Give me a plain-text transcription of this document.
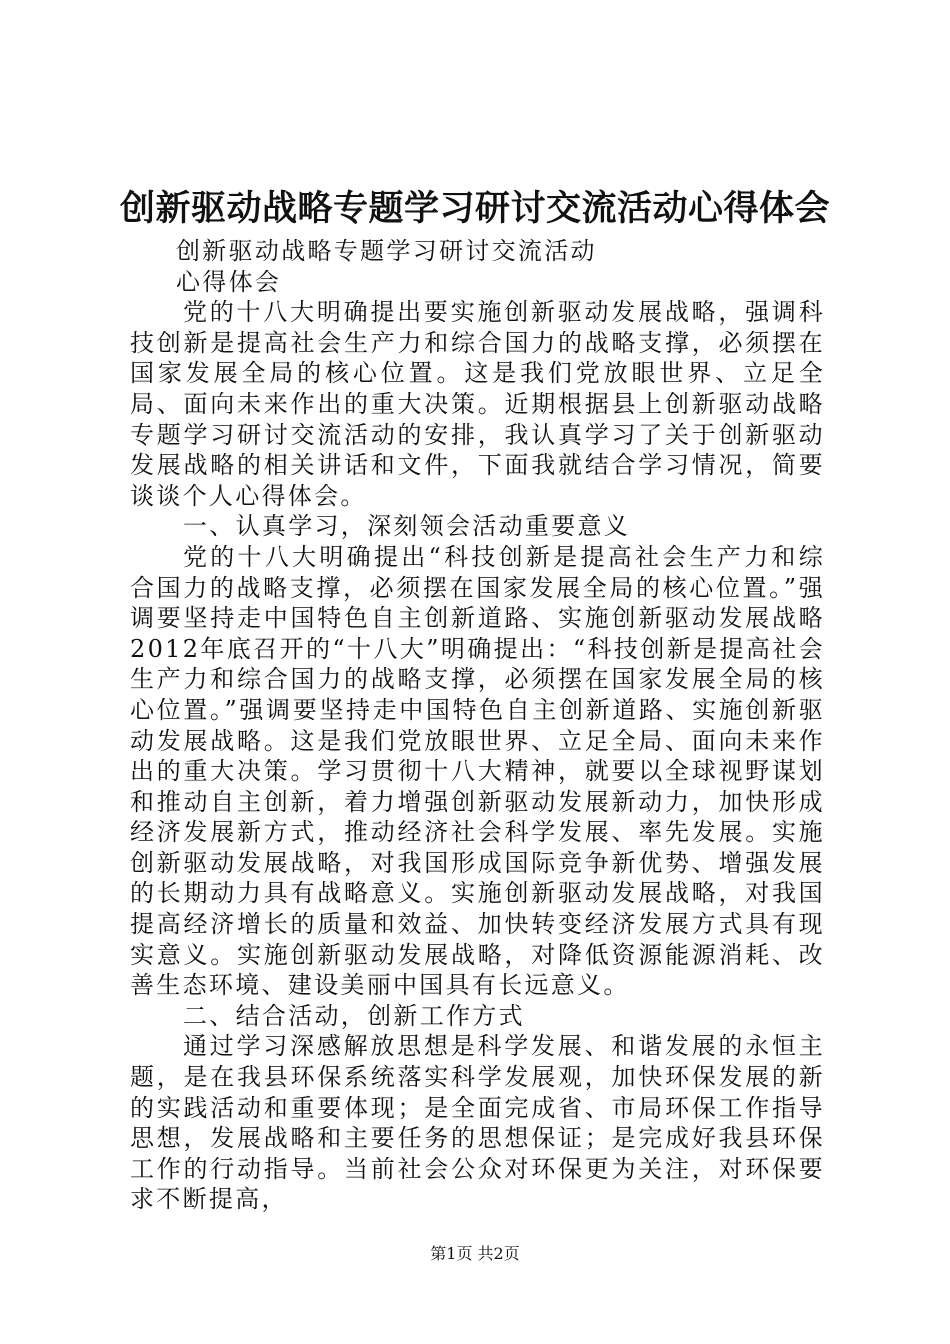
创新驱动战略专题学习研讨交流活动心得体会

创新驱动战略专题学习研讨交流活动

心得体会

党的十八大明确提出要实施创新驱动发展战略，强调科技创新是提高社会生产力和综合国力的战略支撑，必须摆在国家发展全局的核心位置。这是我们党放眼世界、立足全局、面向未来作出的重大决策。近期根据县上创新驱动战略专题学习研讨交流活动的安排，我认真学习了关于创新驱动发展战略的相关讲话和文件，下面我就结合学习情况，简要谈谈个人心得体会。

一、认真学习，深刻领会活动重要意义

党的十八大明确提出“科技创新是提高社会生产力和综合国力的战略支撑，必须摆在国家发展全局的核心位置。”强调要坚持走中国特色自主创新道路、实施创新驱动发展战略 2012年底召开的“十八大”明确提出：“科技创新是提高社会生产力和综合国力的战略支撑，必须摆在国家发展全局的核心位置。”强调要坚持走中国特色自主创新道路、实施创新驱动发展战略。这是我们党放眼世界、立足全局、面向未来作出的重大决策。学习贯彻十八大精神，就要以全球视野谋划和推动自主创新，着力增强创新驱动发展新动力，加快形成经济发展新方式，推动经济社会科学发展、率先发展。实施创新驱动发展战略，对我国形成国际竞争新优势、增强发展的长期动力具有战略意义。实施创新驱动发展战略，对我国提高经济增长的质量和效益、加快转变经济发展方式具有现实意义。实施创新驱动发展战略，对降低资源能源消耗、改善生态环境、建设美丽中国具有长远意义。

二、结合活动，创新工作方式

通过学习深感解放思想是科学发展、和谐发展的永恒主题，是在我县环保系统落实科学发展观，加快环保发展的新的实践活动和重要体现；是全面完成省、市局环保工作指导思想，发展战略和主要任务的思想保证；是完成好我县环保工作的行动指导。当前社会公众对环保更为关注，对环保要求不断提高，

第1页 共2页
